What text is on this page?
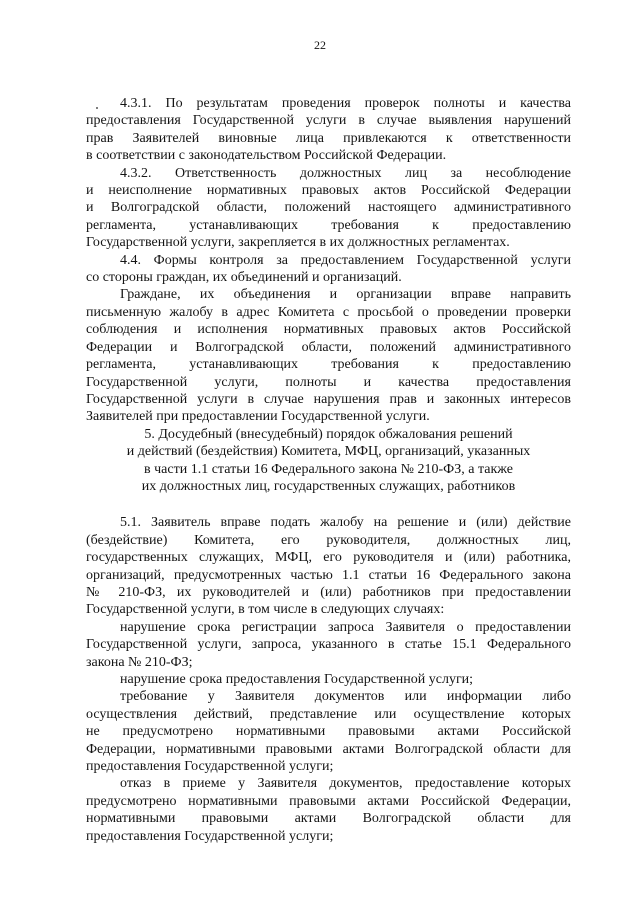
22
4.3.1. По результатам проведения проверок полноты и качества
предоставления Государственной услуги в случае выявления нарушений
прав Заявителей виновные лица привлекаются к ответственности
в соответствии с законодательством Российской Федерации.
4.3.2. Ответственность должностных лиц за несоблюдение
и неисполнение нормативных правовых актов Российской Федерации
и Волгоградской области, положений настоящего административного
регламента, устанавливающих требования к предоставлению
Государственной услуги, закрепляется в их должностных регламентах.
4.4. Формы контроля за предоставлением Государственной услуги
со стороны граждан, их объединений и организаций.
Граждане, их объединения и организации вправе направить
письменную жалобу в адрес Комитета с просьбой о проведении проверки
соблюдения и исполнения нормативных правовых актов Российской
Федерации и Волгоградской области, положений административного
регламента, устанавливающих требования к предоставлению
Государственной услуги, полноты и качества предоставления
Государственной услуги в случае нарушения прав и законных интересов
Заявителей при предоставлении Государственной услуги.
5. Досудебный (внесудебный) порядок обжалования решений
и действий (бездействия) Комитета, МФЦ, организаций, указанных
в части 1.1 статьи 16 Федерального закона № 210-ФЗ, а также
их должностных лиц, государственных служащих, работников
5.1. Заявитель вправе подать жалобу на решение и (или) действие
(бездействие) Комитета, его руководителя, должностных лиц,
государственных служащих, МФЦ, его руководителя и (или) работника,
организаций, предусмотренных частью 1.1 статьи 16 Федерального закона
№ 210-ФЗ, их руководителей и (или) работников при предоставлении
Государственной услуги, в том числе в следующих случаях:
нарушение срока регистрации запроса Заявителя о предоставлении
Государственной услуги, запроса, указанного в статье 15.1 Федерального
закона № 210-ФЗ;
нарушение срока предоставления Государственной услуги;
требование у Заявителя документов или информации либо
осуществления действий, представление или осуществление которых
не предусмотрено нормативными правовыми актами Российской
Федерации, нормативными правовыми актами Волгоградской области для
предоставления Государственной услуги;
отказ в приеме у Заявителя документов, предоставление которых
предусмотрено нормативными правовыми актами Российской Федерации,
нормативными правовыми актами Волгоградской области для
предоставления Государственной услуги;
